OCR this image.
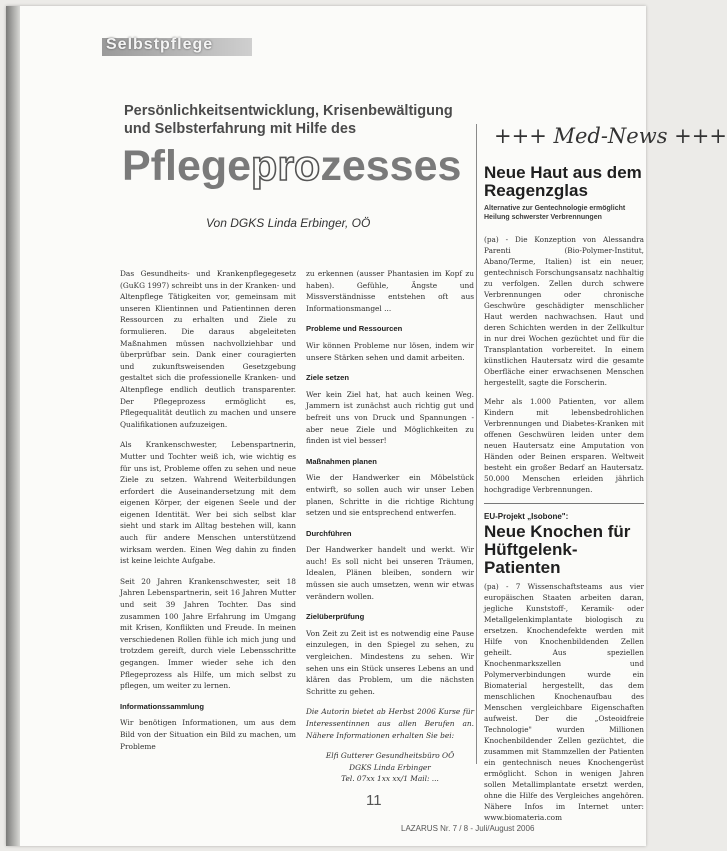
Selbstpflege
Persönlichkeitsentwicklung, Krisenbewältigung und Selbsterfahrung mit Hilfe des
Pflegeprozesses
Von DGKS Linda Erbinger, OÖ

Das Gesundheits- und Krankenpflegegesetz (GuKG 1997) schreibt uns in der Kranken- und Altenpflege Tätigkeiten vor, gemeinsam mit unseren Klientinnen und Patientinnen deren Ressourcen zu erhalten und Ziele zu formulieren. Die daraus abgeleiteten Maßnahmen müssen nachvollziehbar und überprüfbar sein. Dank einer couragierten und zukunftsweisenden Gesetzgebung gestaltet sich die professionelle Kranken- und Altenpflege endlich deutlich transparenter. Der Pflegeprozess ermöglicht es, Pflegequalität deutlich zu machen und unsere Qualifikationen aufzuzeigen.

Als Krankenschwester, Lebenspartnerin, Mutter und Tochter weiß ich, wie wichtig es für uns ist, Probleme offen zu sehen und neue Ziele zu setzen. Wahrend Weiterbildungen erfordert die Auseinandersetzung mit dem eigenen Körper, der eigenen Seele und der eigenen Identität. Wer bei sich selbst klar sieht und stark im Alltag bestehen will, kann auch für andere Menschen unterstützend wirksam werden. Einen Weg dahin zu finden ist keine leichte Aufgabe.

Seit 20 Jahren Krankenschwester, seit 18 Jahren Lebenspartnerin, seit 16 Jahren Mutter und seit 39 Jahren Tochter. Das sind zusammen 100 Jahre Erfahrung im Umgang mit Krisen, Konflikten und Freude. In meinen verschiedenen Rollen fühle ich mich jung und trotzdem gereift, durch viele Lebensschritte gegangen. Immer wieder sehe ich den Pflegeprozess als Hilfe, um mich selbst zu pflegen, um weiter zu lernen.

Informationssammlung

Wir benötigen Informationen, um aus dem Bild von der Situation ein Bild zu machen, um Probleme

zu erkennen (ausser Phantasien im Kopf zu haben). Gefühle, Ängste und Missverständnisse entstehen oft aus Informationsmangel ...

Probleme und Ressourcen

Wir können Probleme nur lösen, indem wir unsere Stärken sehen und damit arbeiten.

Ziele setzen

Wer kein Ziel hat, hat auch keinen Weg. Jammern ist zunächst auch richtig gut und befreit uns von Druck und Spannungen - aber neue Ziele und Möglichkeiten zu finden ist viel besser!

Maßnahmen planen

Wie der Handwerker ein Möbelstück entwirft, so sollen auch wir unser Leben planen, Schritte in die richtige Richtung setzen und sie entsprechend entwerfen.

Durchführen

Der Handwerker handelt und werkt. Wir auch! Es soll nicht bei unseren Träumen, Idealen, Plänen bleiben, sondern wir müssen sie auch umsetzen, wenn wir etwas verändern wollen.

Zielüberprüfung

Von Zeit zu Zeit ist es notwendig eine Pause einzulegen, in den Spiegel zu sehen, zu vergleichen. Mindestens zu sehen. Wir sehen uns ein Stück unseres Lebens an und klären das Problem, um die nächsten Schritte zu gehen.

Die Autorin bietet ab Herbst 2006 Kurse für Interessentinnen aus allen Berufen an. Nähere Informationen erhalten Sie bei:

Elfi Gutterer Gesundheitsbüro OÖ

DGKS Linda Erbinger

Tel. 07xx 1xx xx/1 Mail: ...

+++ Med-News +++
Neue Haut aus dem Reagenzglas
Alternative zur Gentechnologie ermöglicht Heilung schwerster Verbrennungen

(pa) - Die Konzeption von Alessandra Parenti (Bio-Polymer-Institut, Abano/Terme, Italien) ist ein neuer, gentechnisch Forschungsansatz nachhaltig zu verfolgen. Zellen durch schwere Verbrennungen oder chronische Geschwüre geschädigter menschlicher Haut werden nachwachsen. Haut und deren Schichten werden in der Zellkultur in nur drei Wochen gezüchtet und für die Transplantation vorbereitet. In einem künstlichen Hautersatz wird die gesamte Oberfläche einer erwachsenen Menschen hergestellt, sagte die Forscherin.

Mehr als 1.000 Patienten, vor allem Kindern mit lebensbedrohlichen Verbrennungen und Diabetes-Kranken mit offenen Geschwüren leiden unter dem neuen Hautersatz eine Amputation von Händen oder Beinen ersparen. Weltweit besteht ein großer Bedarf an Hautersatz. 50.000 Menschen erleiden jährlich hochgradige Verbrennungen.

EU-Projekt „Isobone":
Neue Knochen für Hüftgelenk-Patienten

(pa) - 7 Wissenschaftsteams aus vier europäischen Staaten arbeiten daran, jegliche Kunststoff-, Keramik- oder Metallgelenkimplantate biologisch zu ersetzen. Knochendefekte werden mit Hilfe von Knochenbildenden Zellen geheilt. Aus speziellen Knochenmarkszellen und Polymerverbindungen wurde ein Biomaterial hergestellt, das dem menschlichen Knochenaufbau des Menschen vergleichbare Eigenschaften aufweist. Der die „Osteoidfreie Technologie" wurden Millionen Knochenbildender Zellen gezüchtet, die zusammen mit Stammzellen der Patienten ein gentechnisch neues Knochengerüst ermöglicht. Schon in wenigen Jahren sollen Metallimplantate ersetzt werden, ohne die Hilfe des Vergleiches angehören. Nähere Infos im Internet unter: www.biomateria.com

11
LAZARUS Nr. 7 / 8 - Juli/August 2006
